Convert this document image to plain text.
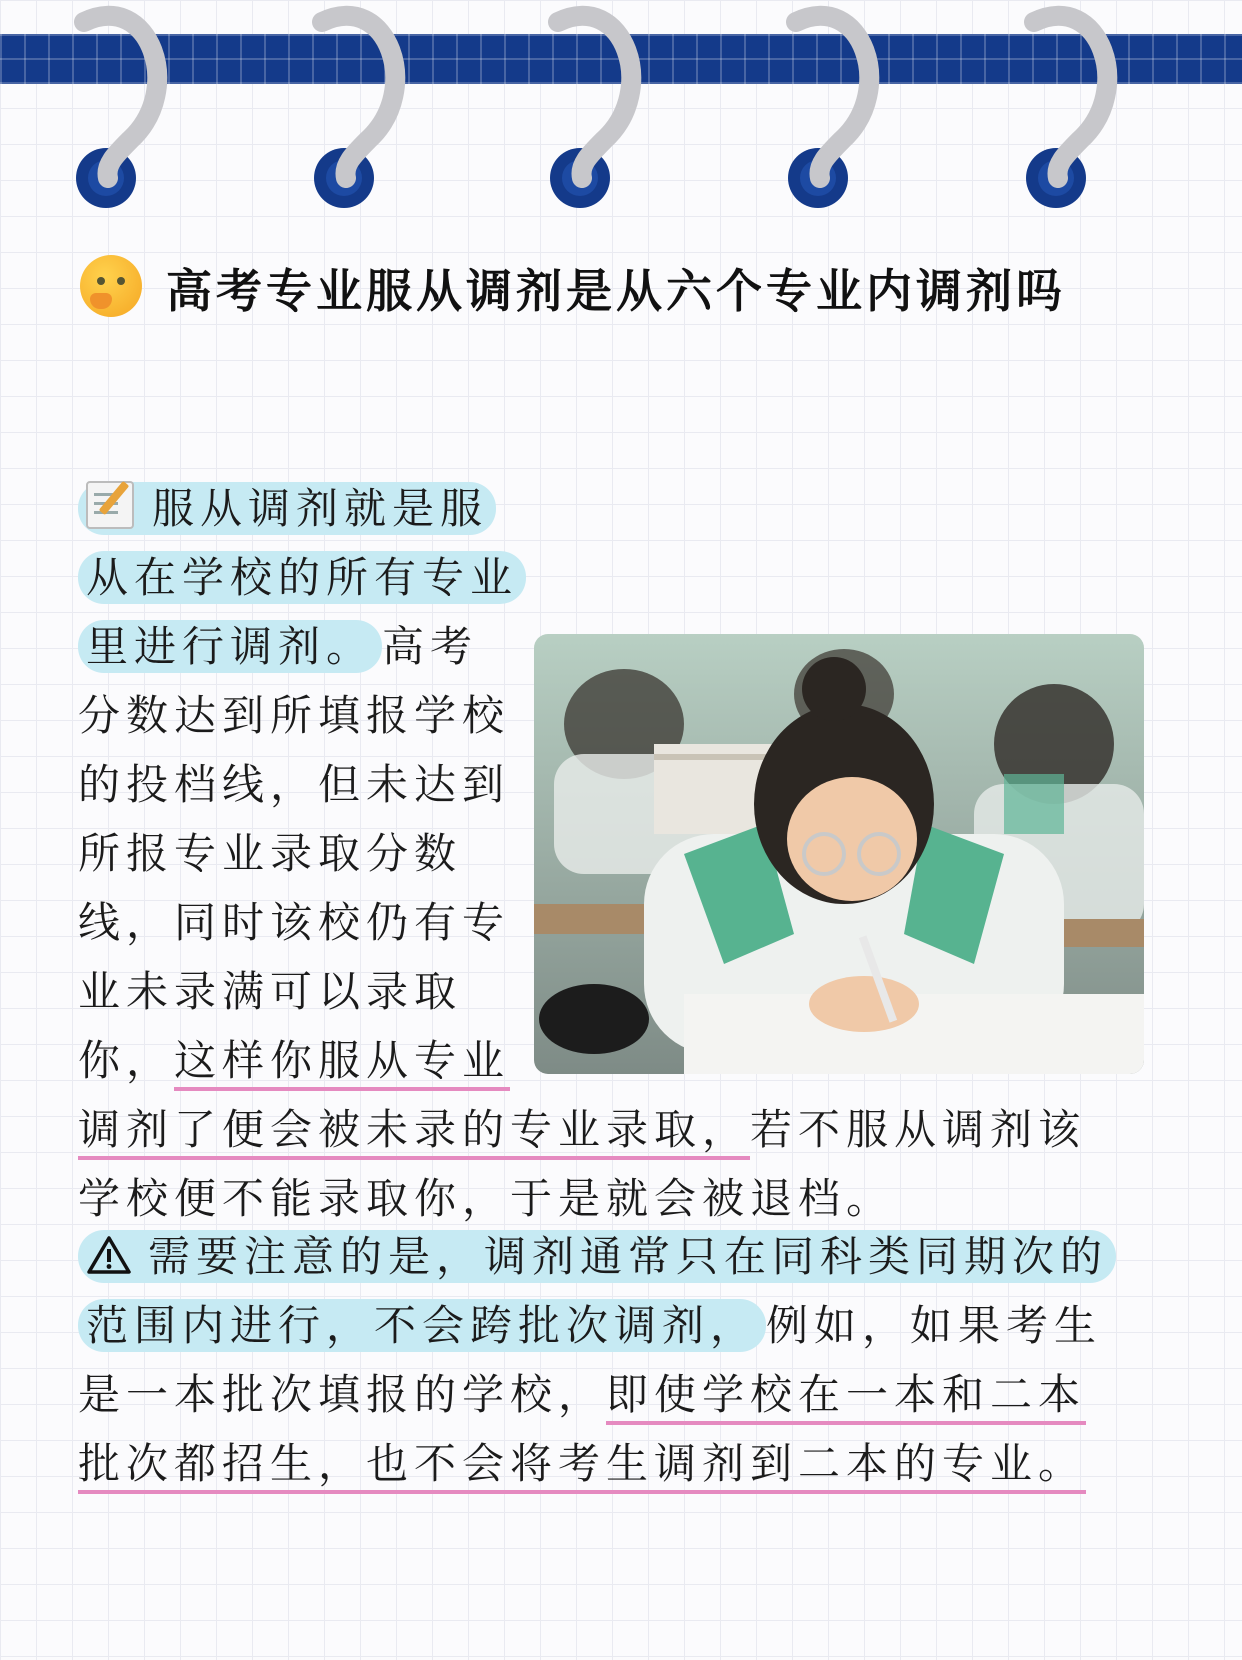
高考专业服从调剂是从六个专业内调剂吗
服从调剂就是服从在学校的所有专业里进行调剂。 高考分数达到所填报学校的投档线，但未达到所报专业录取分数线，同时该校仍有专业未录满可以录取你，这样你服从专业调剂了便会被未录的专业录取，若不服从调剂该学校便不能录取你，于是就会被退档。
需要注意的是，调剂通常只在同科类同期次的范围内进行，不会跨批次调剂， 例如，如果考生是一本批次填报的学校，即使学校在一本和二本批次都招生，也不会将考生调剂到二本的专业。
